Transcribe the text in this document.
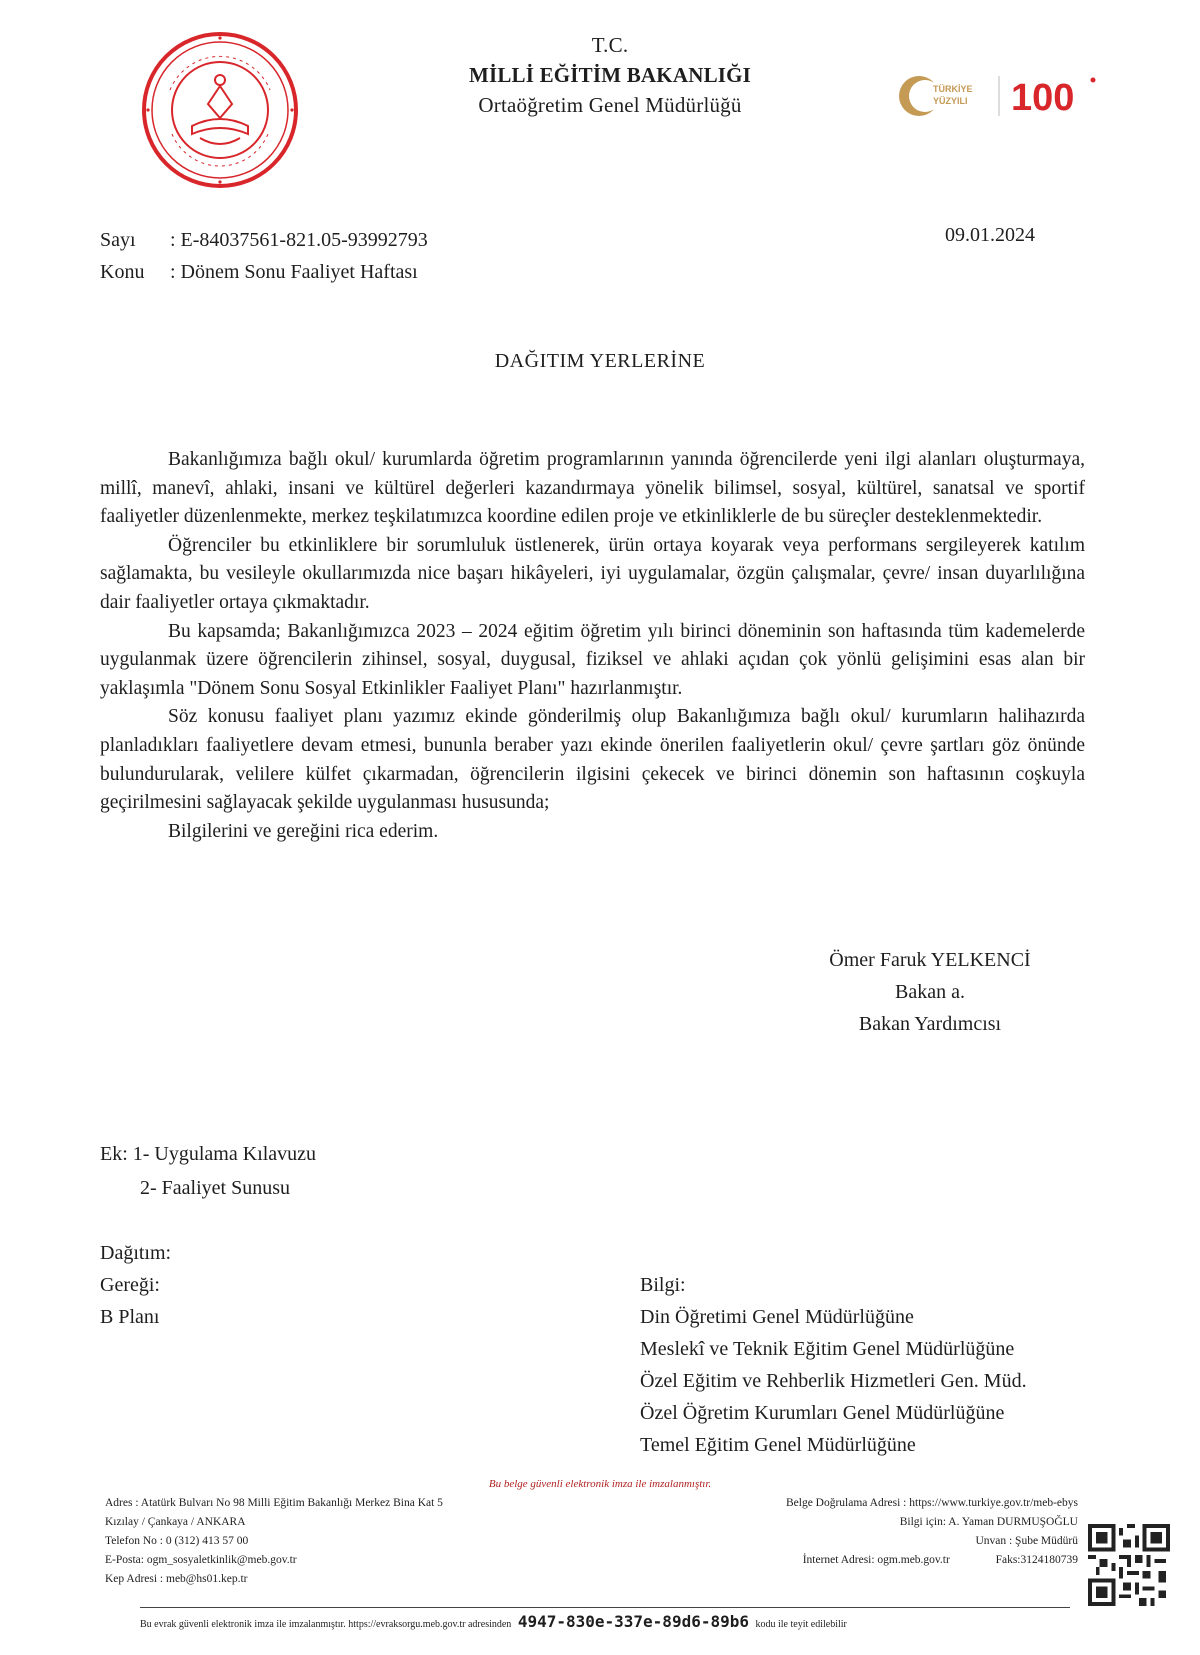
T.C.
MİLLİ EĞİTİM BAKANLIĞI
Ortaöğretim Genel Müdürlüğü
TÜRKİYE
YÜZYILI 100
Sayı : E-84037561-821.05-93992793
Konu : Dönem Sonu Faaliyet Haftası
09.01.2024
DAĞITIM YERLERİNE

Bakanlığımıza bağlı okul/ kurumlarda öğretim programlarının yanında öğrencilerde yeni ilgi alanları oluşturmaya, millî, manevî, ahlaki, insani ve kültürel değerleri kazandırmaya yönelik bilimsel, sosyal, kültürel, sanatsal ve sportif faaliyetler düzenlenmekte, merkez teşkilatımızca koordine edilen proje ve etkinliklerle de bu süreçler desteklenmektedir.

Öğrenciler bu etkinliklere bir sorumluluk üstlenerek, ürün ortaya koyarak veya performans sergileyerek katılım sağlamakta, bu vesileyle okullarımızda nice başarı hikâyeleri, iyi uygulamalar, özgün çalışmalar, çevre/ insan duyarlılığına dair faaliyetler ortaya çıkmaktadır.

Bu kapsamda; Bakanlığımızca 2023 – 2024 eğitim öğretim yılı birinci döneminin son haftasında tüm kademelerde uygulanmak üzere öğrencilerin zihinsel, sosyal, duygusal, fiziksel ve ahlaki açıdan çok yönlü gelişimini esas alan bir yaklaşımla "Dönem Sonu Sosyal Etkinlikler Faaliyet Planı" hazırlanmıştır.

Söz konusu faaliyet planı yazımız ekinde gönderilmiş olup Bakanlığımıza bağlı okul/ kurumların halihazırda planladıkları faaliyetlere devam etmesi, bununla beraber yazı ekinde önerilen faaliyetlerin okul/ çevre şartları göz önünde bulundurularak, velilere külfet çıkarmadan, öğrencilerin ilgisini çekecek ve birinci dönemin son haftasının coşkuyla geçirilmesini sağlayacak şekilde uygulanması hususunda;

Bilgilerini ve gereğini rica ederim.

Ömer Faruk YELKENCİ
Bakan a.
Bakan Yardımcısı
Ek: 1- Uygulama Kılavuzu
2- Faaliyet Sunusu
Dağıtım:
Gereği:
B Planı
Bilgi:
Din Öğretimi Genel Müdürlüğüne
Meslekî ve Teknik Eğitim Genel Müdürlüğüne
Özel Eğitim ve Rehberlik Hizmetleri Gen. Müd.
Özel Öğretim Kurumları Genel Müdürlüğüne
Temel Eğitim Genel Müdürlüğüne
Bu belge güvenli elektronik imza ile imzalanmıştır.
Adres : Atatürk Bulvarı No 98 Milli Eğitim Bakanlığı Merkez Bina Kat 5
Kızılay / Çankaya / ANKARA
Telefon No : 0 (312) 413 57 00
E-Posta: ogm_sosyaletkinlik@meb.gov.tr
Kep Adresi : meb@hs01.kep.tr
Belge Doğrulama Adresi : https://www.turkiye.gov.tr/meb-ebys
Bilgi için: A. Yaman DURMUŞOĞLU
Unvan : Şube Müdürü
İnternet Adresi: ogm.meb.gov.tr	Faks:3124180739
Bu evrak güvenli elektronik imza ile imzalanmıştır. https://evraksorgu.meb.gov.tr adresinden 4947-830e-337e-89d6-89b6 kodu ile teyit edilebilir
